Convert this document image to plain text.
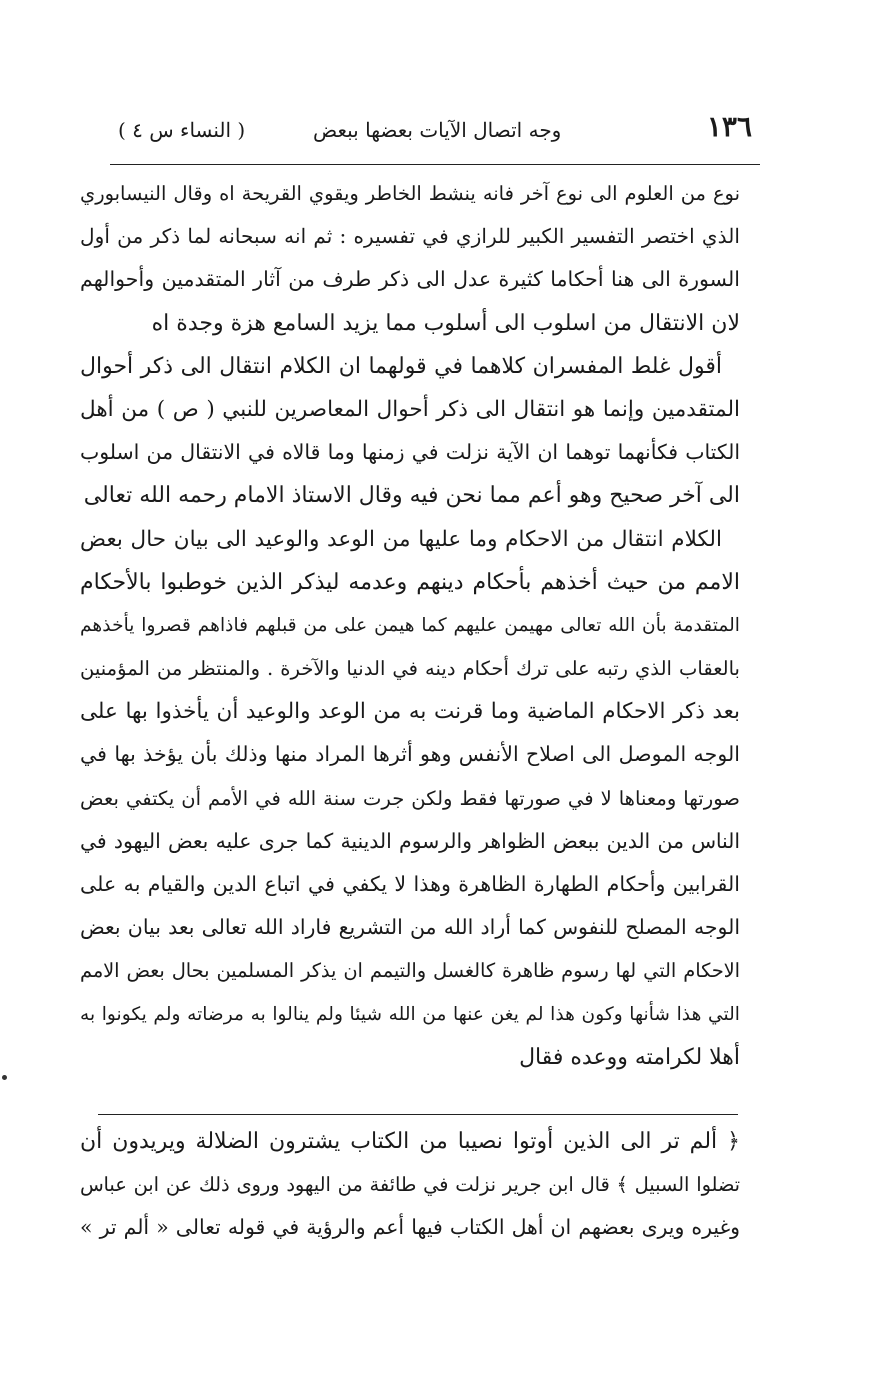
( النساء س ٤ )	وجه اتصال الآيات بعضها ببعض	١٣٦
نوع من العلوم الى نوع آخر فانه ينشط الخاطر ويقوي القريحة اه وقال النيسابوري
الذي اختصر التفسير الكبير للرازي في تفسيره : ثم انه سبحانه لما ذكر من أول
السورة الى هنا أحكاما كثيرة عدل الى ذكر طرف من آثار المتقدمين وأحوالهم
لان الانتقال من اسلوب الى أسلوب مما يزيد السامع هزة وجدة اه
أقول غلط المفسران كلاهما في قولهما ان الكلام انتقال الى ذكر أحوال
المتقدمين وإنما هو انتقال الى ذكر أحوال المعاصرين للنبي ( ص ) من أهل
الكتاب فكأنهما توهما ان الآية نزلت في زمنها وما قالاه في الانتقال من اسلوب
الى آخر صحيح وهو أعم مما نحن فيه وقال الاستاذ الامام رحمه الله تعالى
الكلام انتقال من الاحكام وما عليها من الوعد والوعيد الى بيان حال بعض
الامم من حيث أخذهم بأحكام دينهم وعدمه ليذكر الذين خوطبوا بالأحكام
المتقدمة بأن الله تعالى مهيمن عليهم كما هيمن على من قبلهم فاذاهم قصروا يأخذهم
بالعقاب الذي رتبه على ترك أحكام دينه في الدنيا والآخرة . والمنتظر من المؤمنين
بعد ذكر الاحكام الماضية وما قرنت به من الوعد والوعيد أن يأخذوا بها على
الوجه الموصل الى اصلاح الأنفس وهو أثرها المراد منها وذلك بأن يؤخذ بها في
صورتها ومعناها لا في صورتها فقط ولكن جرت سنة الله في الأمم أن يكتفي بعض
الناس من الدين ببعض الظواهر والرسوم الدينية كما جرى عليه بعض اليهود في
القرابين وأحكام الطهارة الظاهرة وهذا لا يكفي في اتباع الدين والقيام به على
الوجه المصلح للنفوس كما أراد الله من التشريع فاراد الله تعالى بعد بيان بعض
الاحكام التي لها رسوم ظاهرة كالغسل والتيمم ان يذكر المسلمين بحال بعض الامم
التي هذا شأنها وكون هذا لم يغن عنها من الله شيئا ولم ينالوا به مرضاته ولم يكونوا به
أهلا لكرامته ووعده فقال
﴿ ألم تر الى الذين أوتوا نصيبا من الكتاب يشترون الضلالة ويريدون أن
تضلوا السبيل ﴾ قال ابن جرير نزلت في طائفة من اليهود وروى ذلك عن ابن عباس
وغيره ويرى بعضهم ان أهل الكتاب فيها أعم والرؤية في قوله تعالى « ألم تر »
